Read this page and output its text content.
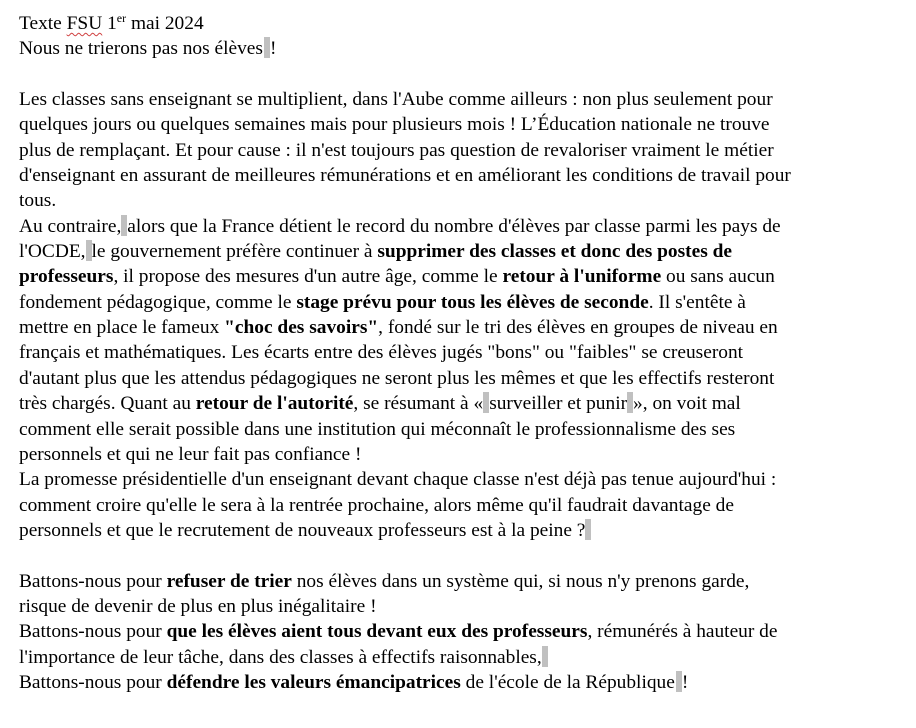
Texte FSU 1er mai 2024
Nous ne trierons pas nos élèves !
Les classes sans enseignant se multiplient, dans l'Aube comme ailleurs : non plus seulement pour
quelques jours ou quelques semaines mais pour plusieurs mois ! L’Éducation nationale ne trouve
plus de remplaçant. Et pour cause : il n'est toujours pas question de revaloriser vraiment le métier
d'enseignant en assurant de meilleures rémunérations et en améliorant les conditions de travail pour
tous.
Au contraire, alors que la France détient le record du nombre d'élèves par classe parmi les pays de
l'OCDE, le gouvernement préfère continuer à supprimer des classes et donc des postes de
professeurs, il propose des mesures d'un autre âge, comme le retour à l'uniforme ou sans aucun
fondement pédagogique, comme le stage prévu pour tous les élèves de seconde. Il s'entête à
mettre en place le fameux "choc des savoirs", fondé sur le tri des élèves en groupes de niveau en
français et mathématiques. Les écarts entre des élèves jugés "bons" ou "faibles" se creuseront
d'autant plus que les attendus pédagogiques ne seront plus les mêmes et que les effectifs resteront
très chargés. Quant au retour de l'autorité, se résumant à « surveiller et punir », on voit mal
comment elle serait possible dans une institution qui méconnaît le professionnalisme des ses
personnels et qui ne leur fait pas confiance !
La promesse présidentielle d'un enseignant devant chaque classe n'est déjà pas tenue aujourd'hui :
comment croire qu'elle le sera à la rentrée prochaine, alors même qu'il faudrait davantage de
personnels et que le recrutement de nouveaux professeurs est à la peine ?
Battons-nous pour refuser de trier nos élèves dans un système qui, si nous n'y prenons garde,
risque de devenir de plus en plus inégalitaire !
Battons-nous pour que les élèves aient tous devant eux des professeurs, rémunérés à hauteur de
l'importance de leur tâche, dans des classes à effectifs raisonnables,
Battons-nous pour défendre les valeurs émancipatrices de l'école de la République !
